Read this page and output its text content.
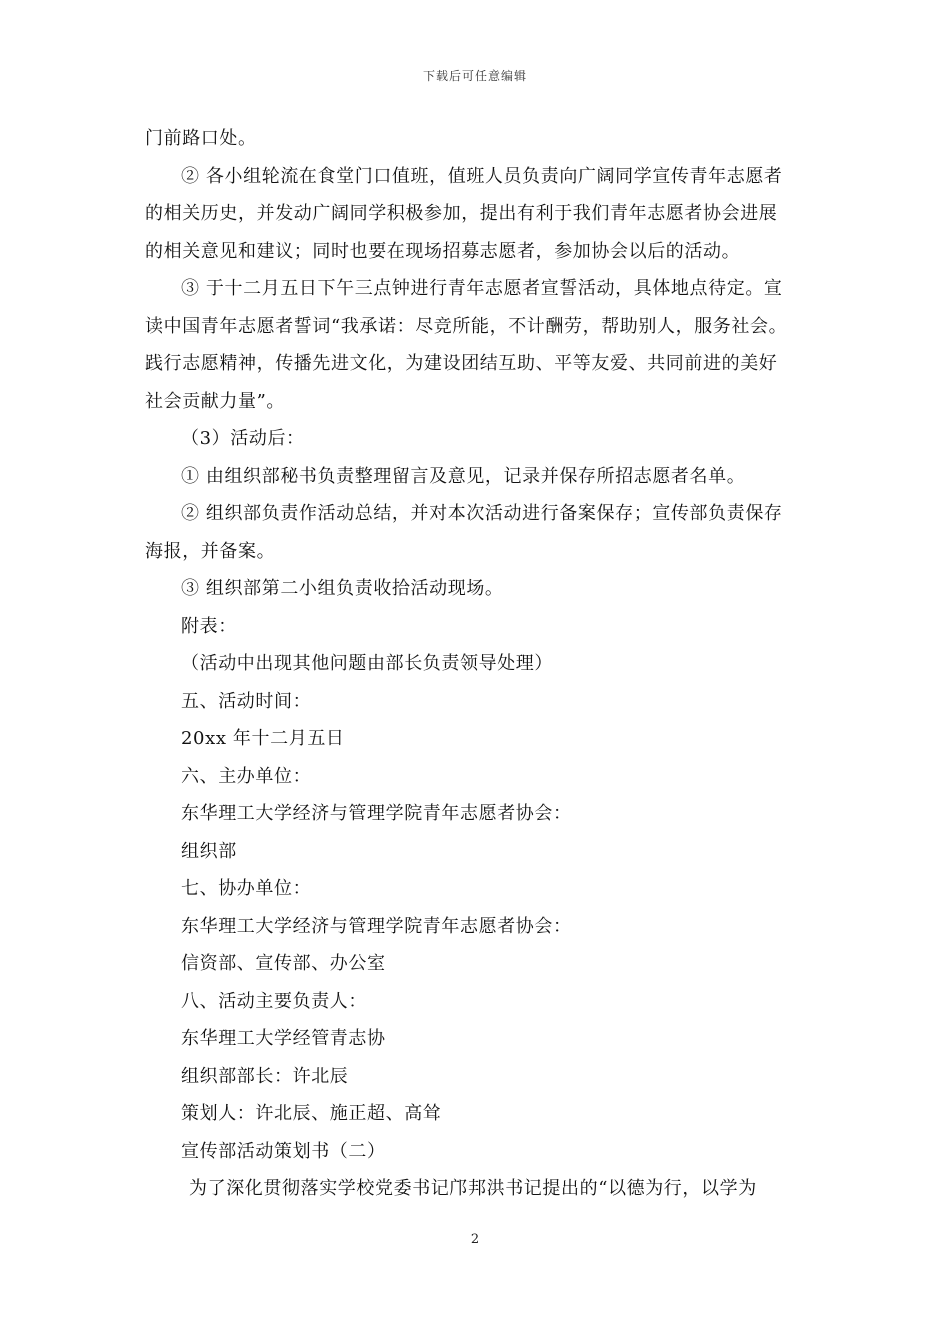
下载后可任意编辑

门前路口处。

② 各小组轮流在食堂门口值班，值班人员负责向广阔同学宣传青年志愿者

的相关历史，并发动广阔同学积极参加，提出有利于我们青年志愿者协会进展

的相关意见和建议；同时也要在现场招募志愿者，参加协会以后的活动。

③ 于十二月五日下午三点钟进行青年志愿者宣誓活动，具体地点待定。宣

读中国青年志愿者誓词“我承诺：尽竞所能，不计酬劳，帮助别人，服务社会。

践行志愿精神，传播先进文化，为建设团结互助、平等友爱、共同前进的美好

社会贡献力量”。

（3）活动后：

① 由组织部秘书负责整理留言及意见，记录并保存所招志愿者名单。

② 组织部负责作活动总结，并对本次活动进行备案保存；宣传部负责保存

海报，并备案。

③ 组织部第二小组负责收拾活动现场。

附表：

（活动中出现其他问题由部长负责领导处理）

五、活动时间：

20xx 年十二月五日

六、主办单位：

东华理工大学经济与管理学院青年志愿者协会：

组织部

七、协办单位：

东华理工大学经济与管理学院青年志愿者协会：

信资部、宣传部、办公室

八、活动主要负责人：

东华理工大学经管青志协

组织部部长：许北辰

策划人：许北辰、施正超、高耸

宣传部活动策划书（二）

为了深化贯彻落实学校党委书记邝邦洪书记提出的“以德为行，以学为

2
